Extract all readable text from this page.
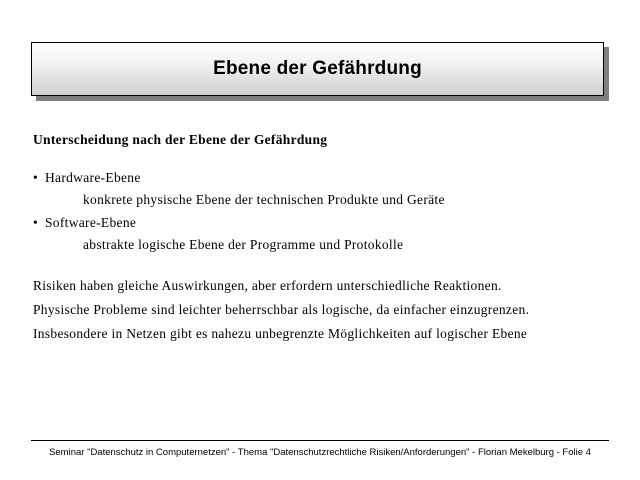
Ebene der Gefährdung
Unterscheidung nach der Ebene der Gefährdung
• Hardware-Ebene
konkrete physische Ebene der technischen Produkte und Geräte
• Software-Ebene
abstrakte logische Ebene der Programme und Protokolle
Risiken haben gleiche Auswirkungen, aber erfordern unterschiedliche Reaktionen.
Physische Probleme sind leichter beherrschbar als logische, da einfacher einzugrenzen.
Insbesondere in Netzen gibt es nahezu unbegrenzte Möglichkeiten auf logischer Ebene
Seminar "Datenschutz in Computernetzen" - Thema "Datenschutzrechtliche Risiken/Anforderungen" - Florian Mekelburg - Folie 4
